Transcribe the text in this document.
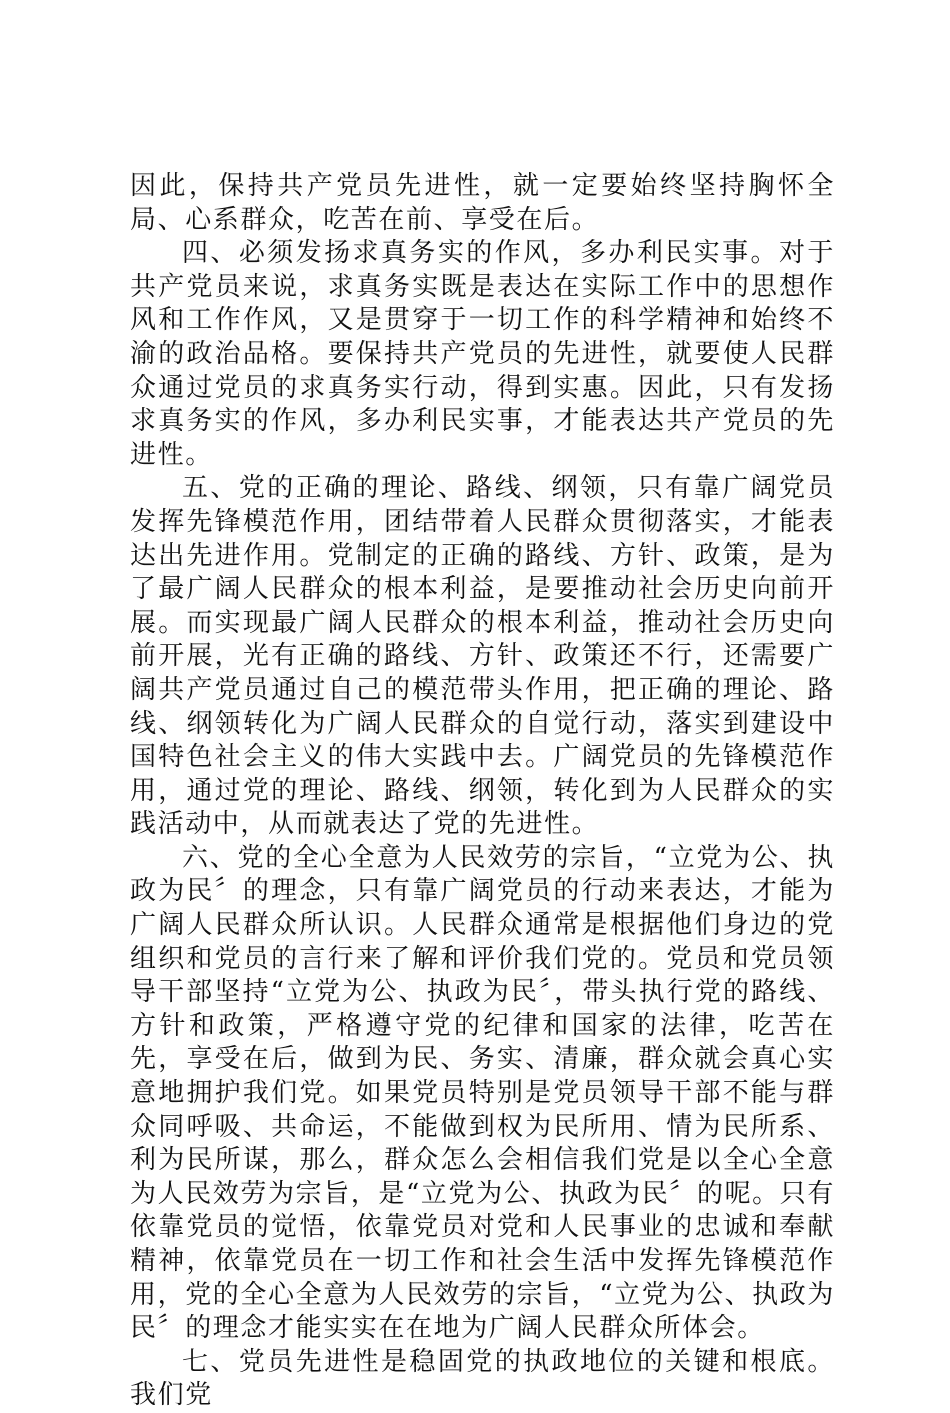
因此，保持共产党员先进性，就一定要始终坚持胸怀全局、心系群众，吃苦在前、享受在后。

四、必须发扬求真务实的作风，多办利民实事。对于共产党员来说，求真务实既是表达在实际工作中的思想作风和工作作风，又是贯穿于一切工作的科学精神和始终不渝的政治品格。要保持共产党员的先进性，就要使人民群众通过党员的求真务实行动，得到实惠。因此，只有发扬求真务实的作风，多办利民实事，才能表达共产党员的先进性。

五、党的正确的理论、路线、纲领，只有靠广阔党员发挥先锋模范作用，团结带着人民群众贯彻落实，才能表达出先进作用。党制定的正确的路线、方针、政策，是为了最广阔人民群众的根本利益，是要推动社会历史向前开展。而实现最广阔人民群众的根本利益，推动社会历史向前开展，光有正确的路线、方针、政策还不行，还需要广阔共产党员通过自己的模范带头作用，把正确的理论、路线、纲领转化为广阔人民群众的自觉行动，落实到建设中国特色社会主义的伟大实践中去。广阔党员的先锋模范作用，通过党的理论、路线、纲领，转化到为人民群众的实践活动中，从而就表达了党的先进性。

六、党的全心全意为人民效劳的宗旨，“立党为公、执政为民〞的理念，只有靠广阔党员的行动来表达，才能为广阔人民群众所认识。人民群众通常是根据他们身边的党组织和党员的言行来了解和评价我们党的。党员和党员领导干部坚持“立党为公、执政为民〞，带头执行党的路线、方针和政策，严格遵守党的纪律和国家的法律，吃苦在先，享受在后，做到为民、务实、清廉，群众就会真心实意地拥护我们党。如果党员特别是党员领导干部不能与群众同呼吸、共命运，不能做到权为民所用、情为民所系、利为民所谋，那么，群众怎么会相信我们党是以全心全意为人民效劳为宗旨，是“立党为公、执政为民〞的呢。只有依靠党员的觉悟，依靠党员对党和人民事业的忠诚和奉献精神，依靠党员在一切工作和社会生活中发挥先锋模范作用，党的全心全意为人民效劳的宗旨，“立党为公、执政为民〞的理念才能实实在在地为广阔人民群众所体会。

七、党员先进性是稳固党的执政地位的关键和根底。我们党
